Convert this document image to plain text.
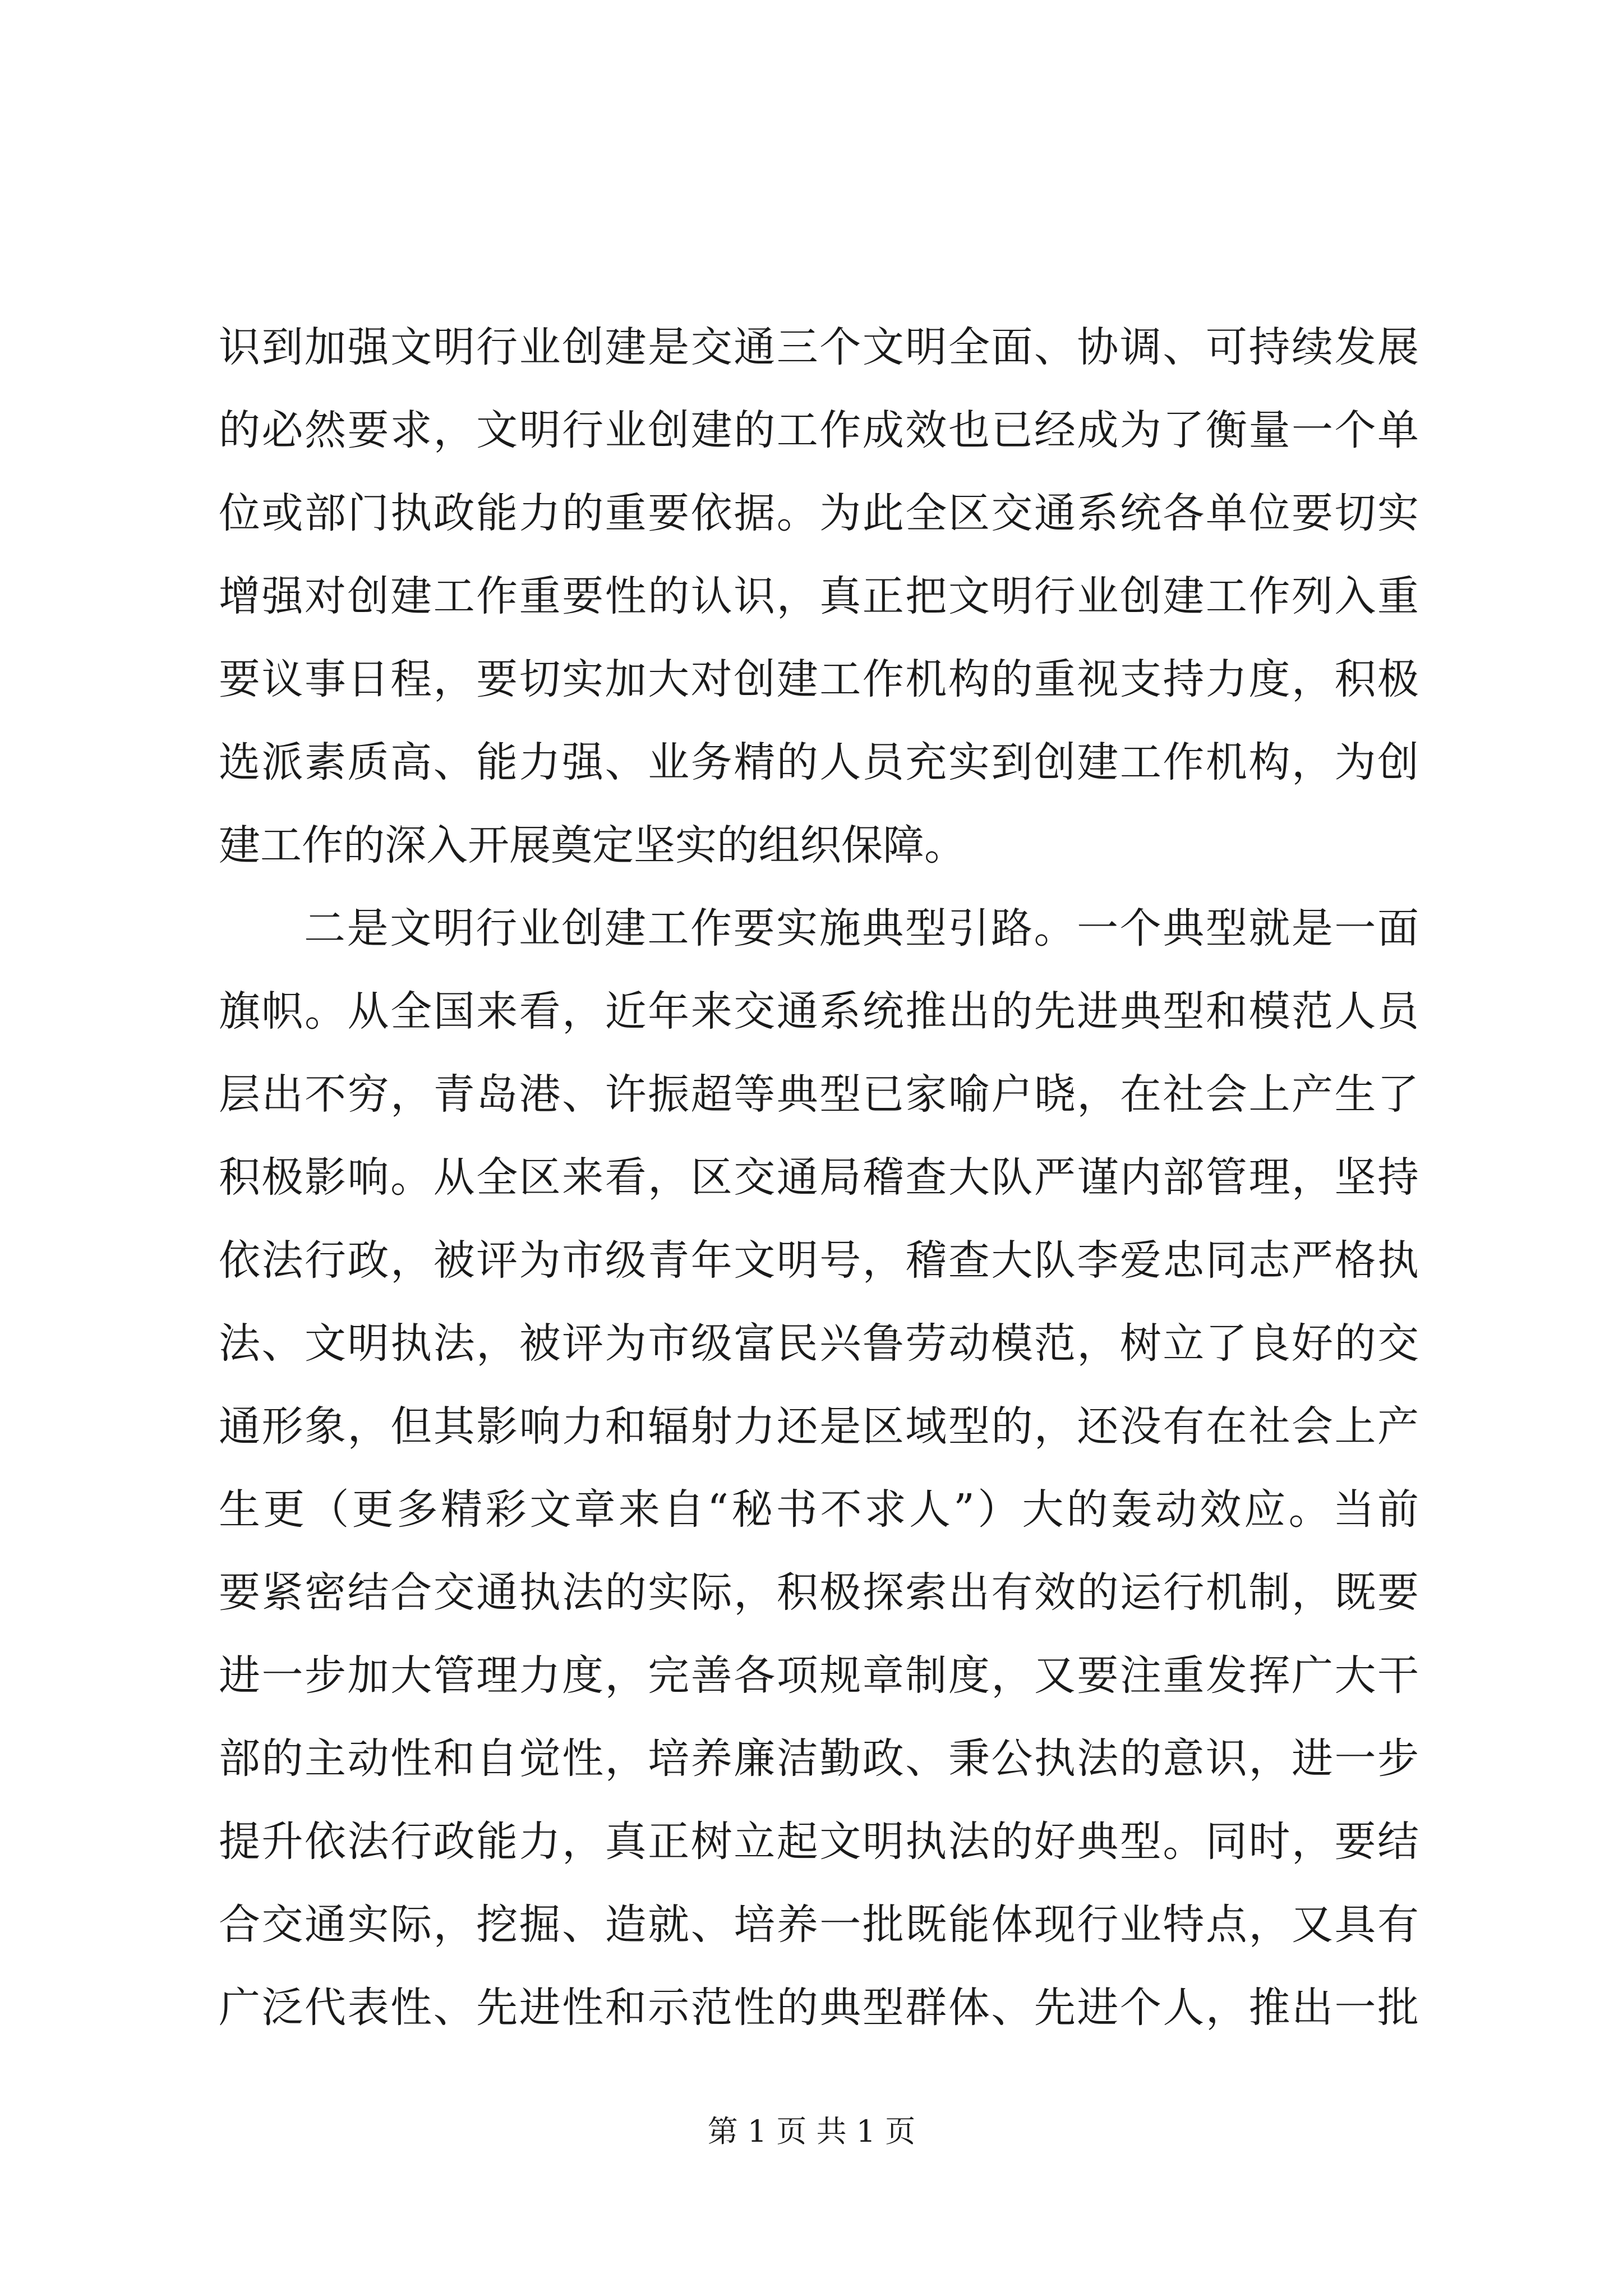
识到加强文明行业创建是交通三个文明全面、协调、可持续发展
的必然要求，文明行业创建的工作成效也已经成为了衡量一个单
位或部门执政能力的重要依据。为此全区交通系统各单位要切实
增强对创建工作重要性的认识，真正把文明行业创建工作列入重
要议事日程，要切实加大对创建工作机构的重视支持力度，积极
选派素质高、能力强、业务精的人员充实到创建工作机构，为创
建工作的深入开展奠定坚实的组织保障。
二是文明行业创建工作要实施典型引路。一个典型就是一面
旗帜。从全国来看，近年来交通系统推出的先进典型和模范人员
层出不穷，青岛港、许振超等典型已家喻户晓，在社会上产生了
积极影响。从全区来看，区交通局稽查大队严谨内部管理，坚持
依法行政，被评为市级青年文明号，稽查大队李爱忠同志严格执
法、文明执法，被评为市级富民兴鲁劳动模范，树立了良好的交
通形象，但其影响力和辐射力还是区域型的，还没有在社会上产
生更（更多精彩文章来自“秘书不求人”）大的轰动效应。当前
要紧密结合交通执法的实际，积极探索出有效的运行机制，既要
进一步加大管理力度，完善各项规章制度，又要注重发挥广大干
部的主动性和自觉性，培养廉洁勤政、秉公执法的意识，进一步
提升依法行政能力，真正树立起文明执法的好典型。同时，要结
合交通实际，挖掘、造就、培养一批既能体现行业特点，又具有
广泛代表性、先进性和示范性的典型群体、先进个人，推出一批
第 1 页 共 1 页
